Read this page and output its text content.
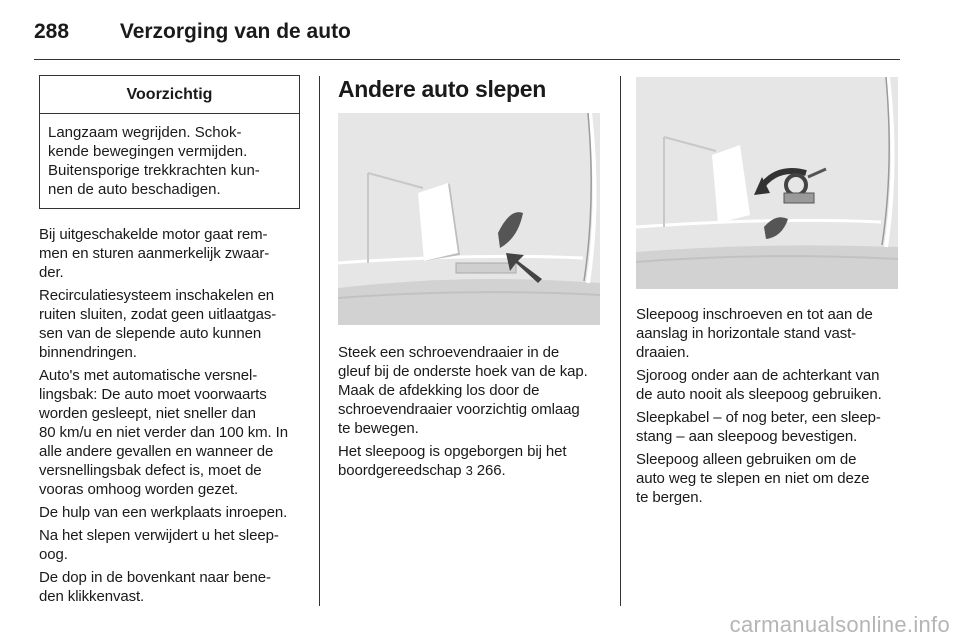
288 Verzorging van de auto
Voorzichtig
Langzaam wegrijden. Schok-
kende bewegingen vermijden.
Buitensporige trekkrachten kun-
nen de auto beschadigen.

Bij uitgeschakelde motor gaat rem-
men en sturen aanmerkelijk zwaar-
der.

Recirculatiesysteem inschakelen en
ruiten sluiten, zodat geen uitlaatgas-
sen van de slepende auto kunnen
binnendringen.

Auto's met automatische versnel-
lingsbak: De auto moet voorwaarts
worden gesleept, niet sneller dan
80 km/u en niet verder dan 100 km. In
alle andere gevallen en wanneer de
versnellingsbak defect is, moet de
vooras omhoog worden gezet.

De hulp van een werkplaats inroepen.

Na het slepen verwijdert u het sleep-
oog.

De dop in de bovenkant naar bene-
den klikkenvast.

Andere auto slepen

Steek een schroevendraaier in de
gleuf bij de onderste hoek van de kap.
Maak de afdekking los door de
schroevendraaier voorzichtig omlaag
te bewegen.

Het sleepoog is opgeborgen bij het
boordgereedschap 3 266.

Sleepoog inschroeven en tot aan de
aanslag in horizontale stand vast-
draaien.

Sjoroog onder aan de achterkant van
de auto nooit als sleepoog gebruiken.

Sleepkabel – of nog beter, een sleep-
stang – aan sleepoog bevestigen.

Sleepoog alleen gebruiken om de
auto weg te slepen en niet om deze
te bergen.

carmanualsonline.info
